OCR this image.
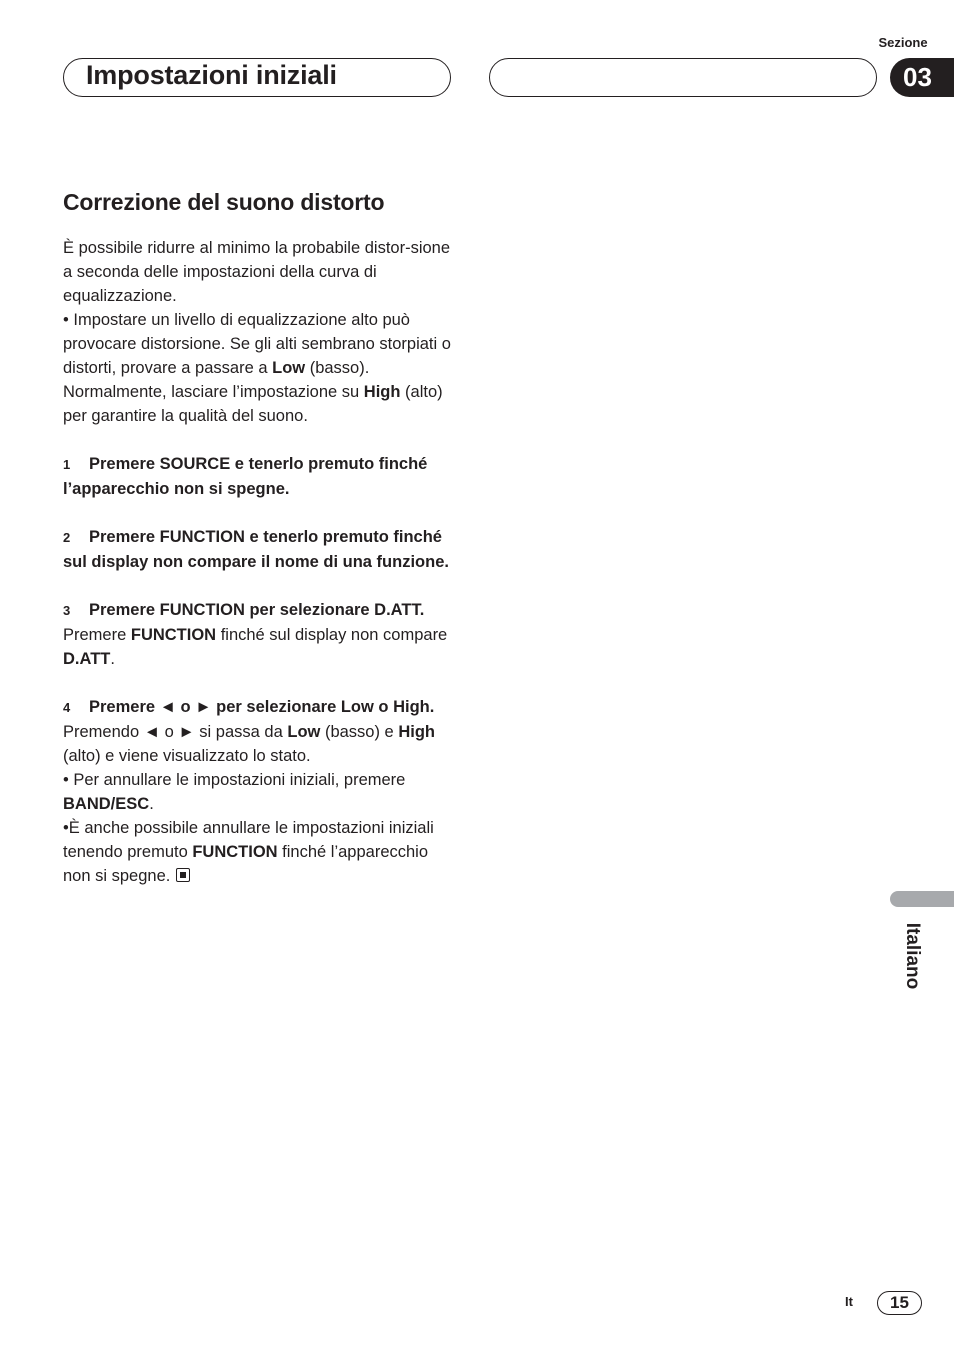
Sezione
Impostazioni iniziali	03
Correzione del suono distorto

È possibile ridurre al minimo la probabile distor-sione a seconda delle impostazioni della curva di equalizzazione.

• Impostare un livello di equalizzazione alto può provocare distorsione. Se gli alti sembrano storpiati o distorti, provare a passare a Low (basso). Normalmente, lasciare l’impostazione su High (alto) per garantire la qualità del suono.

1 Premere SOURCE e tenerlo premuto finché l’apparecchio non si spegne.

2 Premere FUNCTION e tenerlo premuto finché sul display non compare il nome di una funzione.

3 Premere FUNCTION per selezionare D.ATT.

Premere FUNCTION finché sul display non compare D.ATT.

4 Premere ◄ o ► per selezionare Low o High.

Premendo ◄ o ► si passa da Low (basso) e High (alto) e viene visualizzato lo stato.

• Per annullare le impostazioni iniziali, premere BAND/ESC.

•È anche possibile annullare le impostazioni iniziali tenendo premuto FUNCTION finché l’apparecchio non si spegne.

Italiano
It	15
